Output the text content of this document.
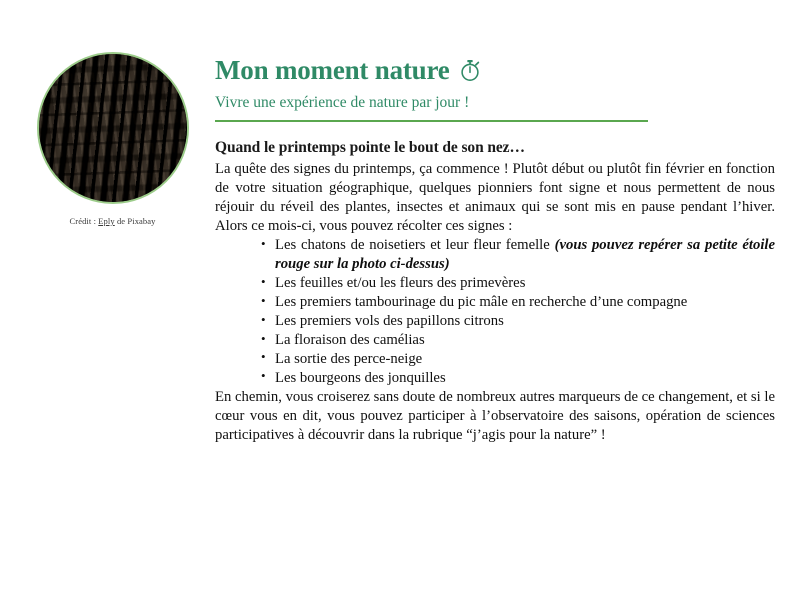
Crédit : Eply de Pixabay
Mon moment nature
Vivre une expérience de nature par jour !
Quand le printemps pointe le bout de son nez…

La quête des signes du printemps, ça commence ! Plutôt début ou plutôt fin février en fonction de votre situation géographique, quelques pionniers font signe et nous permettent de nous réjouir du réveil des plantes, insectes et animaux qui se sont mis en pause pendant l’hiver. Alors ce mois-ci, vous pouvez récolter ces signes :

• Les chatons de noisetiers et leur fleur femelle (vous pouvez repérer sa petite étoile rouge sur la photo ci-dessus)
• Les feuilles et/ou les fleurs des primevères
• Les premiers tambourinage du pic mâle en recherche d’une compagne
• Les premiers vols des papillons citrons
• La floraison des camélias
• La sortie des perce-neige
• Les bourgeons des jonquilles

En chemin, vous croiserez sans doute de nombreux autres marqueurs de ce changement, et si le cœur vous en dit, vous pouvez participer à l’observatoire des saisons, opération de sciences participatives à découvrir dans la rubrique “j’agis pour la nature” !
